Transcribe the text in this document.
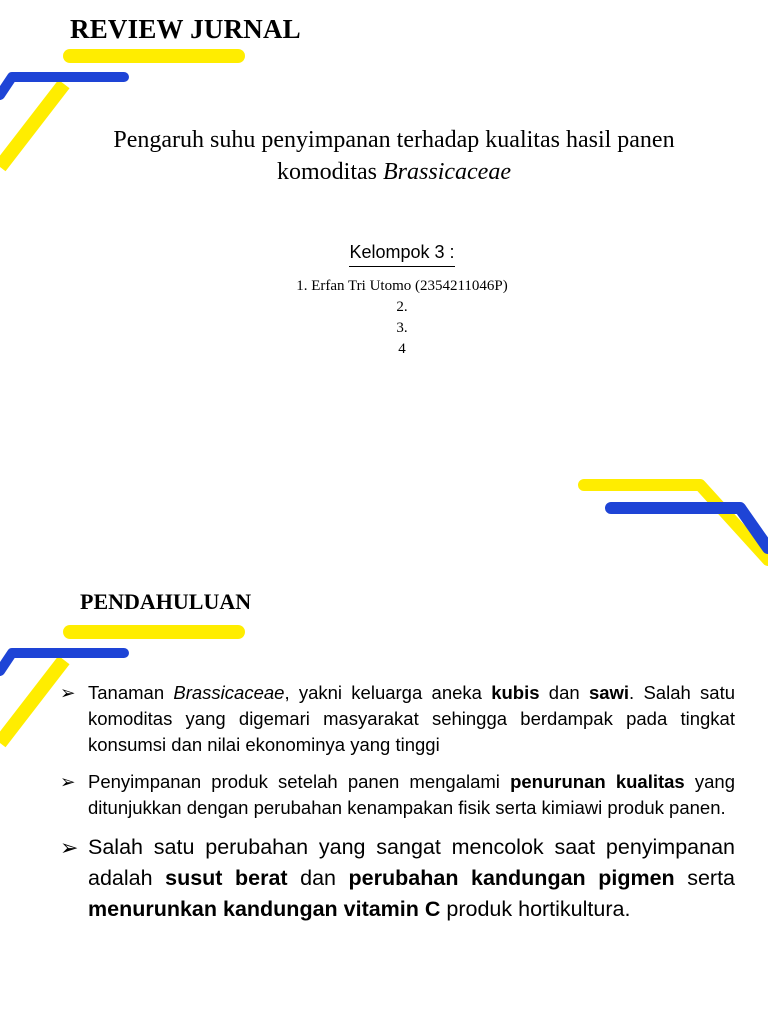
REVIEW JURNAL
Pengaruh suhu penyimpanan terhadap kualitas hasil panen
komoditas Brassicaceae
Kelompok 3 :
1. Erfan Tri Utomo (2354211046P)
2.
3.
4
PENDAHULUAN
➢ Tanaman Brassicaceae, yakni keluarga aneka kubis dan sawi. Salah satu komoditas yang digemari masyarakat sehingga berdampak pada tingkat konsumsi dan nilai ekonominya yang tinggi
➢ Penyimpanan produk setelah panen mengalami penurunan kualitas yang ditunjukkan dengan perubahan kenampakan fisik serta kimiawi produk panen.
➢ Salah satu perubahan yang sangat mencolok saat penyimpanan adalah susut berat dan perubahan kandungan pigmen serta menurunkan kandungan vitamin C produk hortikultura.
